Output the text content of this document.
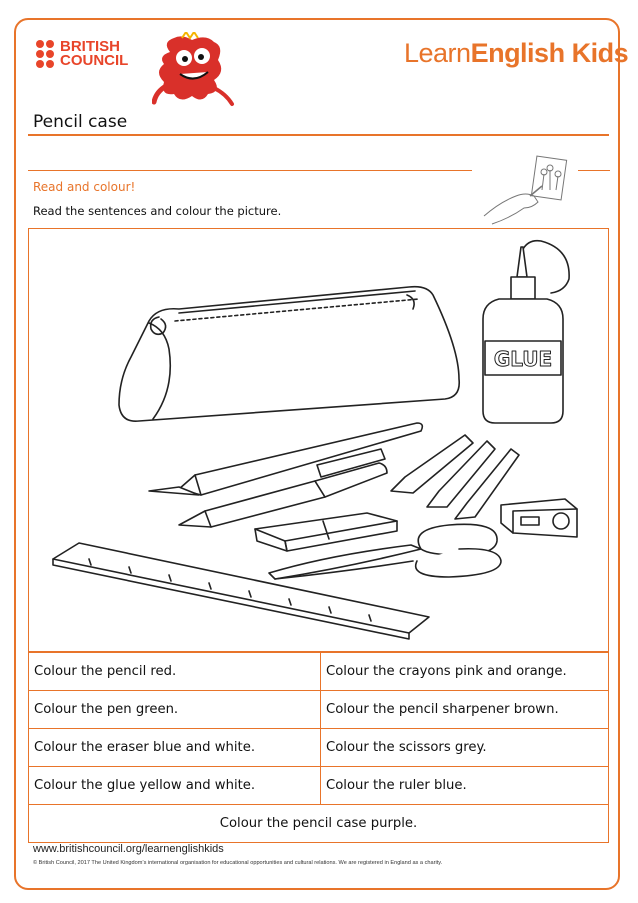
BRITISH
COUNCIL	LearnEnglish Kids
Pencil case
Read and colour!
Read the sentences and colour the picture.
GLUE
Colour the pencil red.	Colour the crayons pink and orange.
Colour the pen green.	Colour the pencil sharpener brown.
Colour the eraser blue and white.	Colour the scissors grey.
Colour the glue yellow and white.	Colour the ruler blue.
Colour the pencil case purple.	
www.britishcouncil.org/learnenglishkids
© British Council, 2017 The United Kingdom’s international organisation for educational opportunities and cultural relations. We are registered in England as a charity.
